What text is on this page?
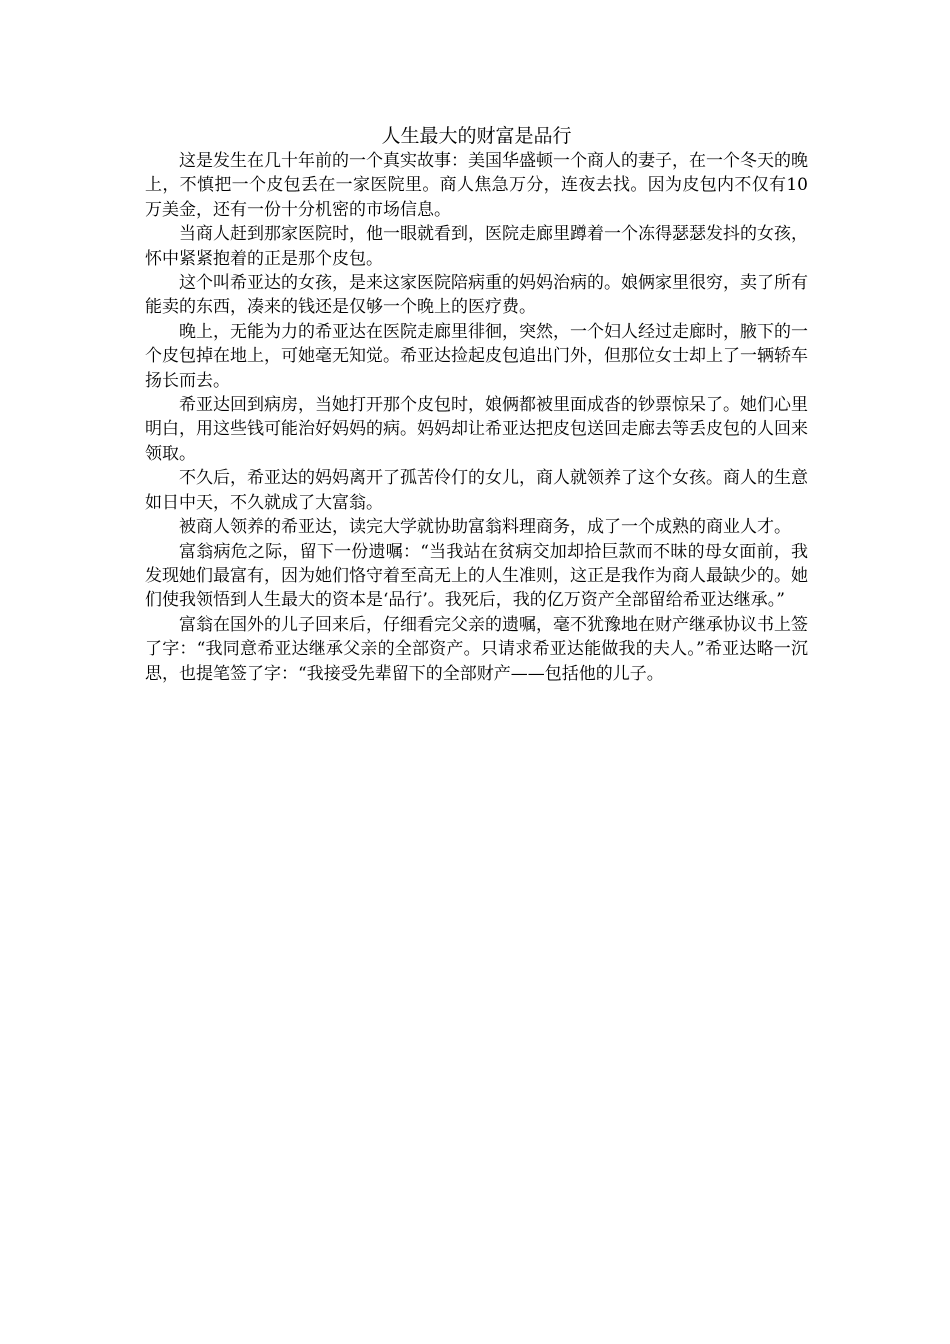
人生最大的财富是品行

这是发生在几十年前的一个真实故事：美国华盛顿一个商人的妻子，在一个冬天的晚上，不慎把一个皮包丢在一家医院里。商人焦急万分，连夜去找。因为皮包内不仅有10万美金，还有一份十分机密的市场信息。

当商人赶到那家医院时，他一眼就看到，医院走廊里蹲着一个冻得瑟瑟发抖的女孩，怀中紧紧抱着的正是那个皮包。

这个叫希亚达的女孩，是来这家医院陪病重的妈妈治病的。娘俩家里很穷，卖了所有能卖的东西，凑来的钱还是仅够一个晚上的医疗费。

晚上，无能为力的希亚达在医院走廊里徘徊，突然，一个妇人经过走廊时，腋下的一个皮包掉在地上，可她毫无知觉。希亚达捡起皮包追出门外，但那位女士却上了一辆轿车扬长而去。

希亚达回到病房，当她打开那个皮包时，娘俩都被里面成沓的钞票惊呆了。她们心里明白，用这些钱可能治好妈妈的病。妈妈却让希亚达把皮包送回走廊去等丢皮包的人回来领取。

不久后，希亚达的妈妈离开了孤苦伶仃的女儿，商人就领养了这个女孩。商人的生意如日中天，不久就成了大富翁。

被商人领养的希亚达，读完大学就协助富翁料理商务，成了一个成熟的商业人才。

富翁病危之际，留下一份遗嘱：“当我站在贫病交加却拾巨款而不昧的母女面前，我发现她们最富有，因为她们恪守着至高无上的人生准则，这正是我作为商人最缺少的。她们使我领悟到人生最大的资本是‘品行’。我死后，我的亿万资产全部留给希亚达继承。”

富翁在国外的儿子回来后，仔细看完父亲的遗嘱，毫不犹豫地在财产继承协议书上签了字：“我同意希亚达继承父亲的全部资产。只请求希亚达能做我的夫人。”希亚达略一沉思，也提笔签了字：“我接受先辈留下的全部财产——包括他的儿子。
